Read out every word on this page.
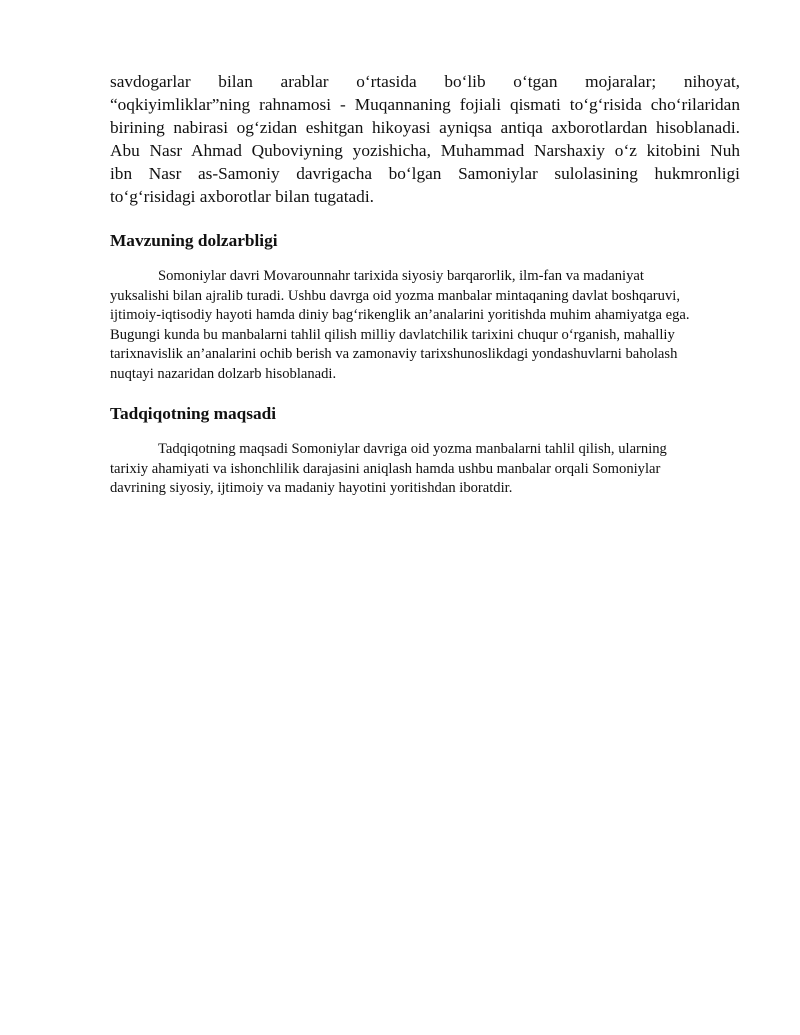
savdogarlar bilan arablar o‘rtasida bo‘lib o‘tgan mojaralar; nihoyat,
“oqkiyimliklar”ning rahnamosi - Muqannaning fojiali qismati to‘g‘risida cho‘rilaridan
birining nabirasi og‘zidan eshitgan hikoyasi ayniqsa antiqa axborotlardan hisoblanadi.
Abu Nasr Ahmad Quboviyning yozishicha, Muhammad Narshaxiy o‘z kitobini Nuh
ibn Nasr as-Samoniy davrigacha bo‘lgan Samoniylar sulolasining hukmronligi
to‘g‘risidagi axborotlar bilan tugatadi.

Mavzuning dolzarbligi

Somoniylar davri Movarounnahr tarixida siyosiy barqarorlik, ilm-fan va madaniyat
yuksalishi bilan ajralib turadi. Ushbu davrga oid yozma manbalar mintaqaning davlat boshqaruvi,
ijtimoiy-iqtisodiy hayoti hamda diniy bag‘rikenglik an’analarini yoritishda muhim ahamiyatga ega.
Bugungi kunda bu manbalarni tahlil qilish milliy davlatchilik tarixini chuqur o‘rganish, mahalliy
tarixnavislik an’analarini ochib berish va zamonaviy tarixshunoslikdagi yondashuvlarni baholash
nuqtayi nazaridan dolzarb hisoblanadi.

Tadqiqotning maqsadi

Tadqiqotning maqsadi Somoniylar davriga oid yozma manbalarni tahlil qilish, ularning
tarixiy ahamiyati va ishonchlilik darajasini aniqlash hamda ushbu manbalar orqali Somoniylar
davrining siyosiy, ijtimoiy va madaniy hayotini yoritishdan iboratdir.
